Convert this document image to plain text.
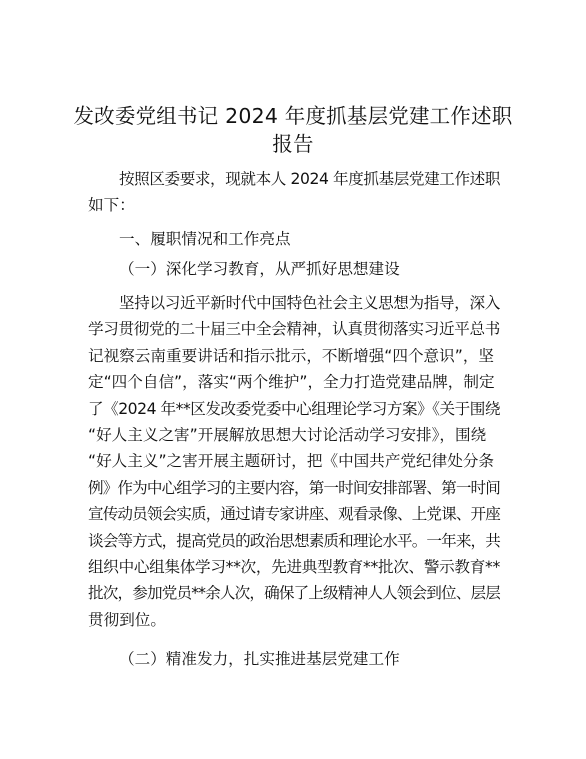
发改委党组书记 2024 年度抓基层党建工作述职
报告

按照区委要求，现就本人 2024 年度抓基层党建工作述职

如下：

一、履职情况和工作亮点

（一）深化学习教育，从严抓好思想建设

坚持以习近平新时代中国特色社会主义思想为指导，深入
学习贯彻党的二十届三中全会精神，认真贯彻落实习近平总书
记视察云南重要讲话和指示批示，不断增强“四个意识”，坚
定“四个自信”，落实“两个维护”，全力打造党建品牌，制定
了《2024 年**区发改委党委中心组理论学习方案》《关于围绕
“好人主义之害”开展解放思想大讨论活动学习安排》，围绕
“好人主义”之害开展主题研讨，把《中国共产党纪律处分条
例》作为中心组学习的主要内容，第一时间安排部署、第一时间
宣传动员领会实质，通过请专家讲座、观看录像、上党课、开座
谈会等方式，提高党员的政治思想素质和理论水平。一年来，共
组织中心组集体学习**次，先进典型教育**批次、警示教育**
批次，参加党员**余人次，确保了上级精神人人领会到位、层层
贯彻到位。

（二）精准发力，扎实推进基层党建工作
